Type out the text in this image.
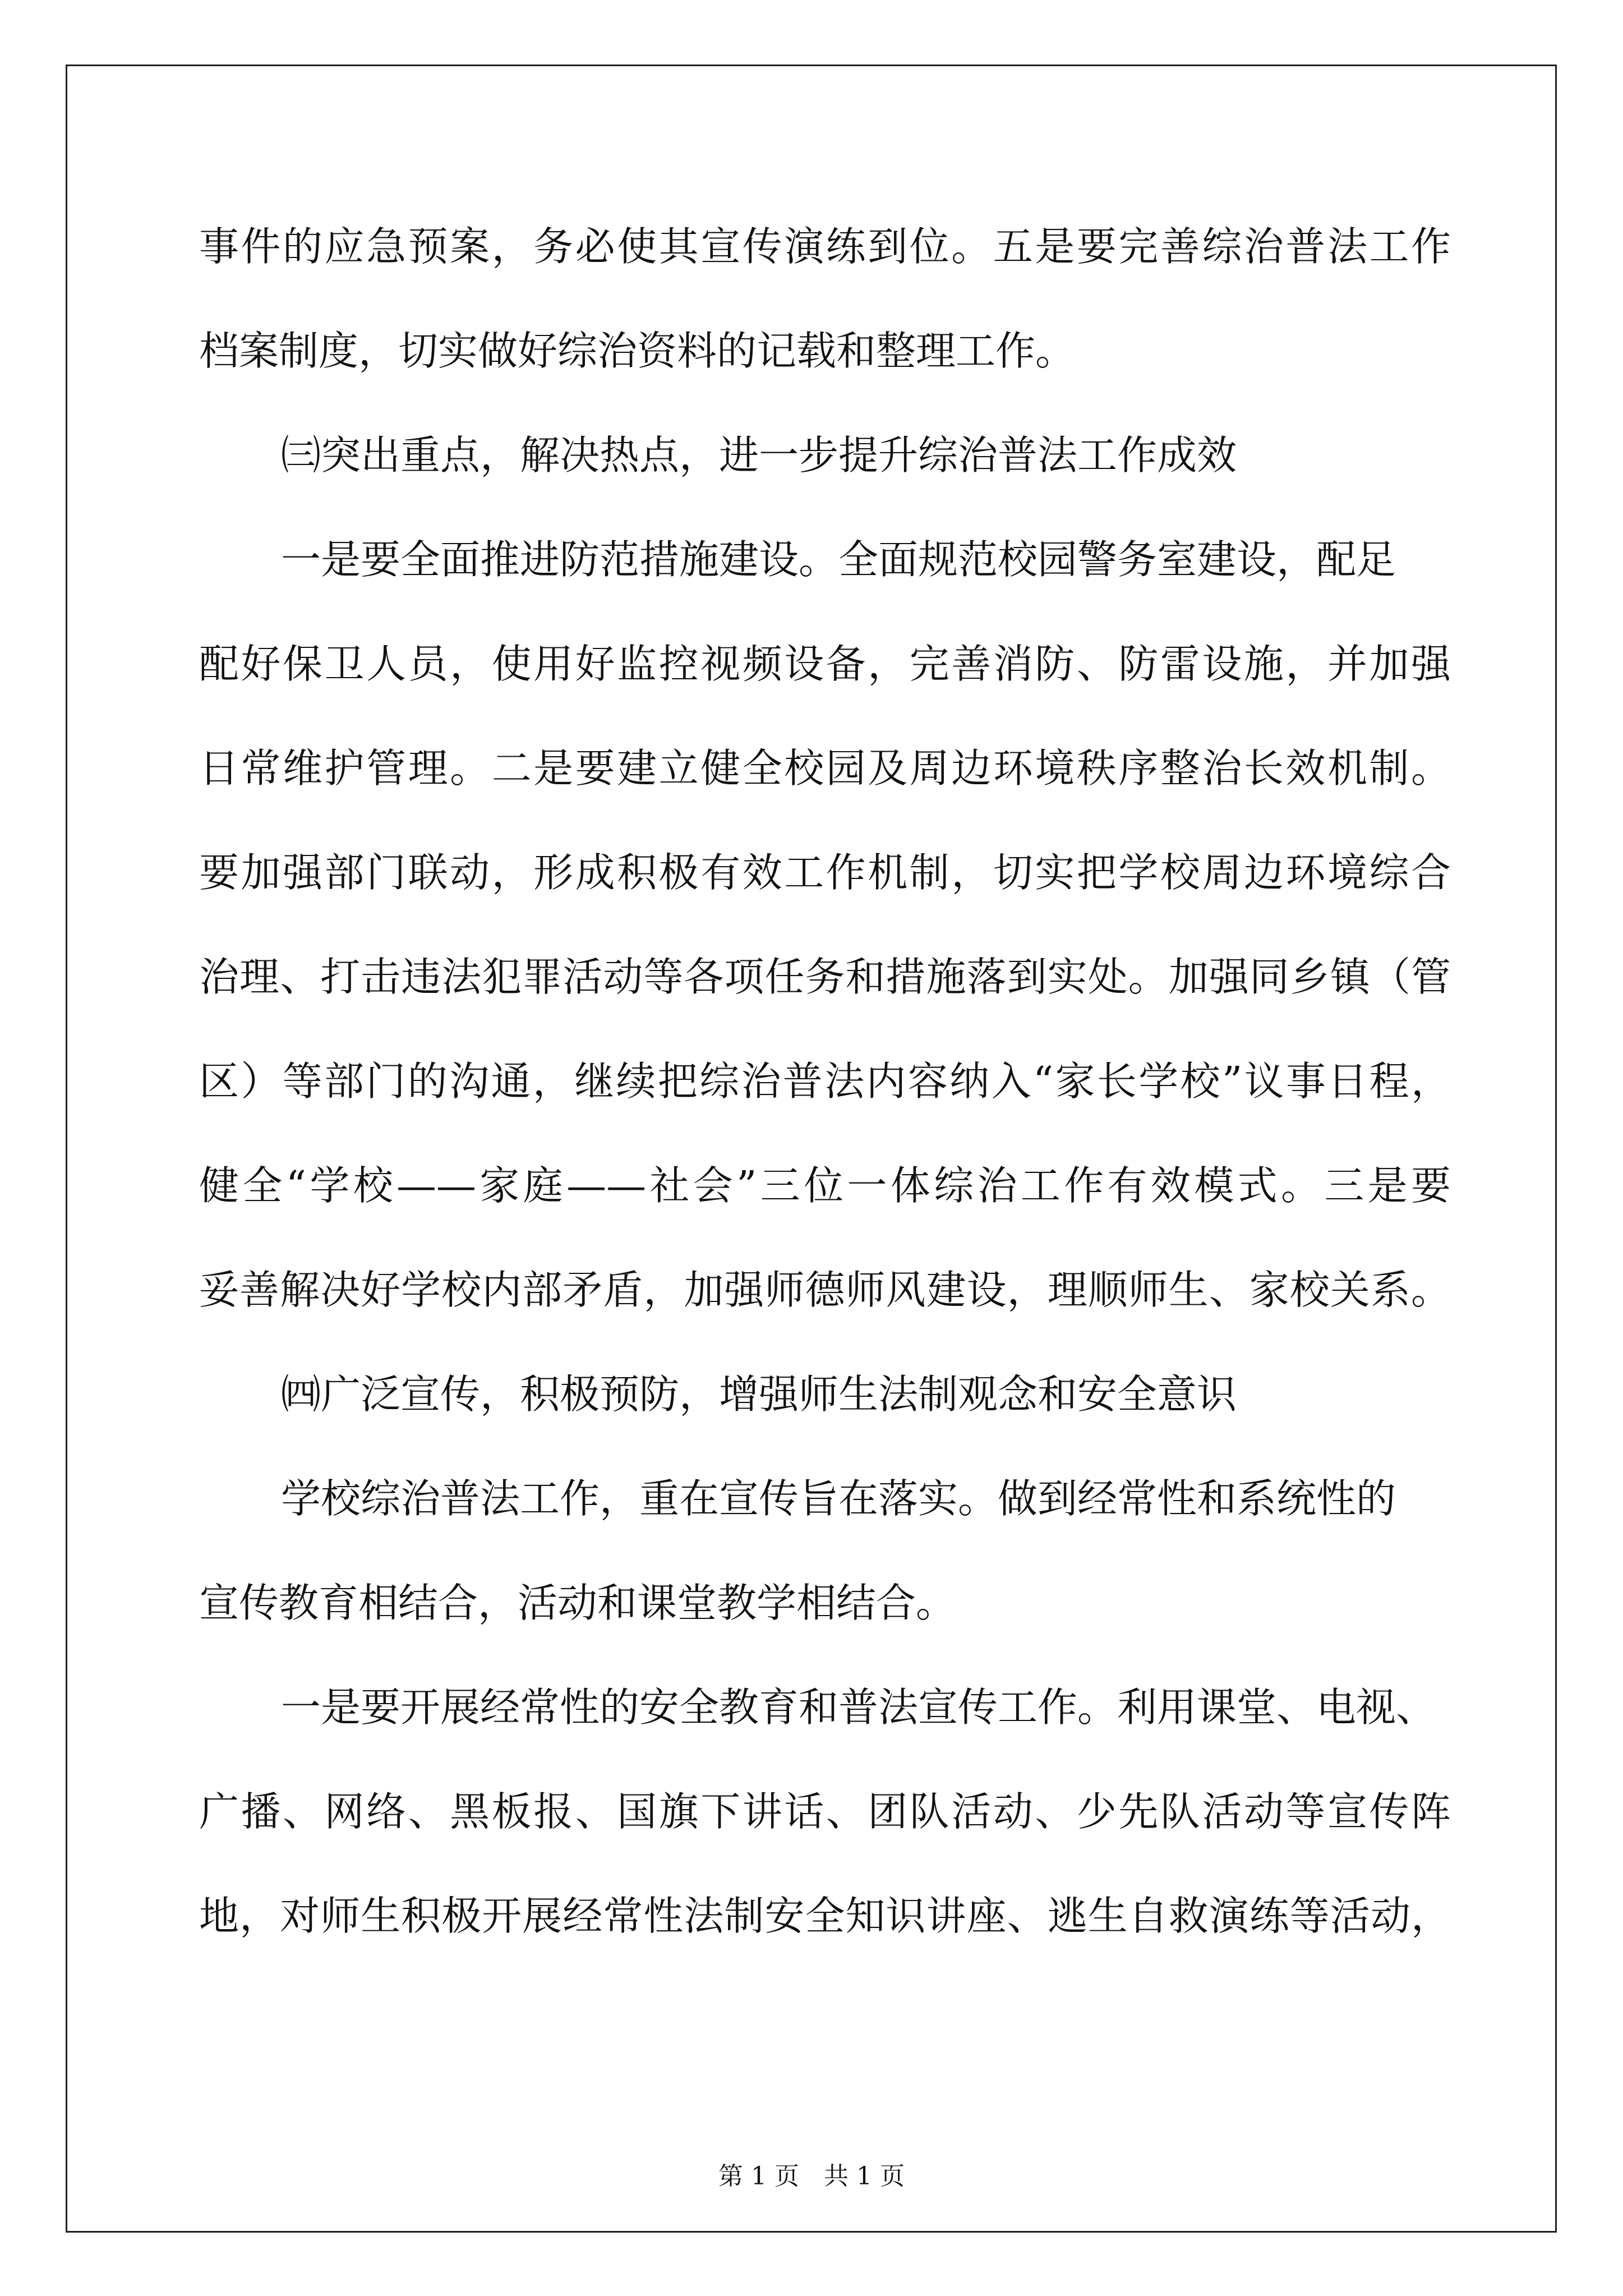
事件的应急预案，务必使其宣传演练到位。五是要完善综治普法工作
档案制度，切实做好综治资料的记载和整理工作。
㈢突出重点，解决热点，进一步提升综治普法工作成效
一是要全面推进防范措施建设。全面规范校园警务室建设，配足
配好保卫人员，使用好监控视频设备，完善消防、防雷设施，并加强
日常维护管理。二是要建立健全校园及周边环境秩序整治长效机制。
要加强部门联动，形成积极有效工作机制，切实把学校周边环境综合
治理、打击违法犯罪活动等各项任务和措施落到实处。加强同乡镇（管
区）等部门的沟通，继续把综治普法内容纳入“家长学校”议事日程，
健全“学校——家庭——社会”三位一体综治工作有效模式。三是要
妥善解决好学校内部矛盾，加强师德师风建设，理顺师生、家校关系。
㈣广泛宣传，积极预防，增强师生法制观念和安全意识
学校综治普法工作，重在宣传旨在落实。做到经常性和系统性的
宣传教育相结合，活动和课堂教学相结合。
一是要开展经常性的安全教育和普法宣传工作。利用课堂、电视、
广播、网络、黑板报、国旗下讲话、团队活动、少先队活动等宣传阵
地，对师生积极开展经常性法制安全知识讲座、逃生自救演练等活动，
第 1 页　共 1 页
